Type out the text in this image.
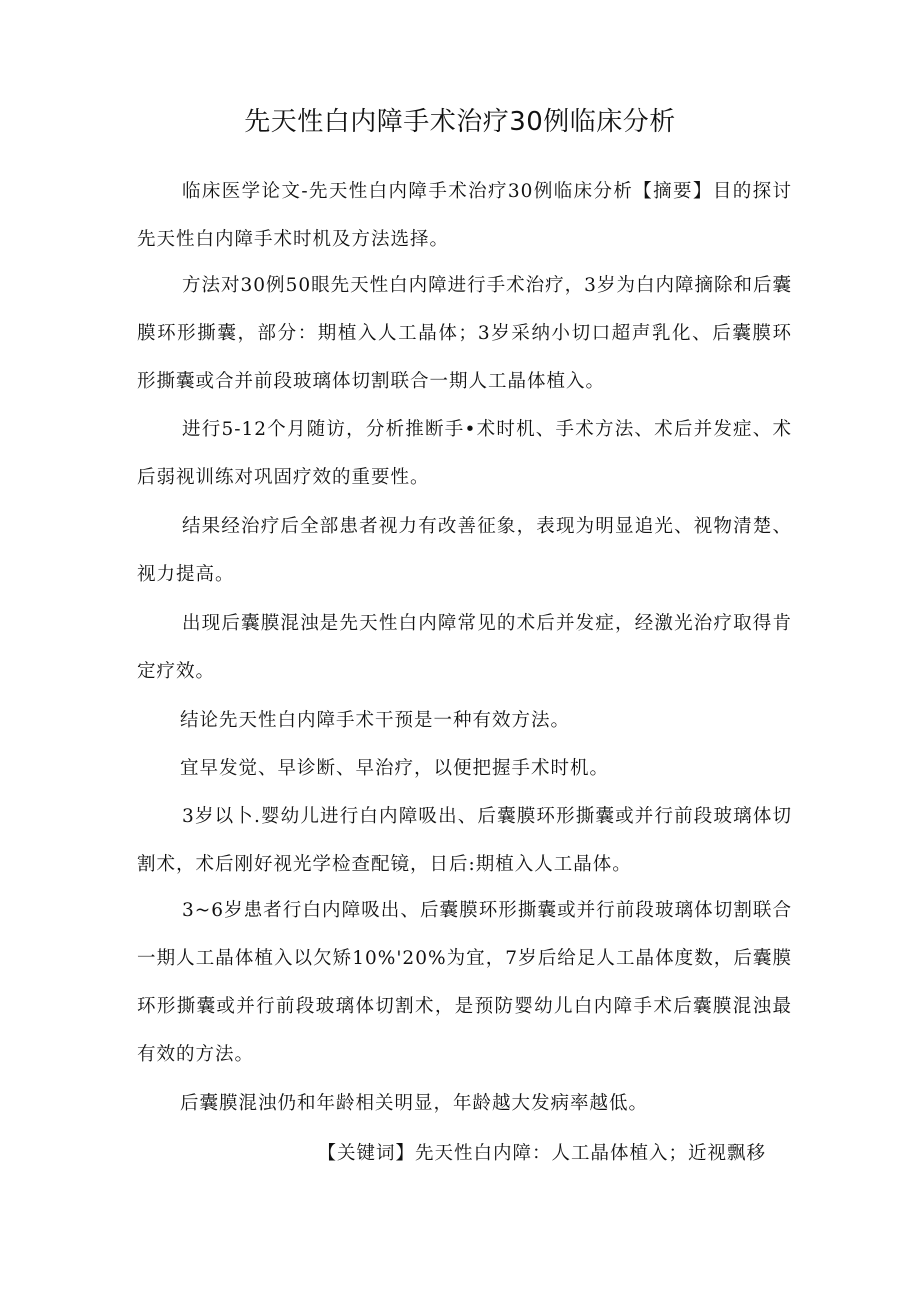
先天性白内障手术治疗30例临床分析

临床医学论文-先天性白内障手术治疗30例临床分析【摘要】目的探讨先天性白内障手术时机及方法选择。

方法对30例50眼先天性白内障进行手术治疗，3岁为白内障摘除和后囊膜环形撕囊，部分：期植入人工晶体；3岁采纳小切口超声乳化、后囊膜环形撕囊或合并前段玻璃体切割联合一期人工晶体植入。

进行5-12个月随访，分析推断手•术时机、手术方法、术后并发症、术后弱视训练对巩固疗效的重要性。

结果经治疗后全部患者视力有改善征象，表现为明显追光、视物清楚、视力提高。

出现后囊膜混浊是先天性白内障常见的术后并发症，经激光治疗取得肯定疗效。

结论先天性白内障手术干预是一种有效方法。

宜早发觉、早诊断、早治疗，以便把握手术时机。

3岁以卜.婴幼儿进行白内障吸出、后囊膜环形撕囊或并行前段玻璃体切割术，术后刚好视光学检查配镜，日后:期植入人工晶体。

3~6岁患者行白内障吸出、后囊膜环形撕囊或并行前段玻璃体切割联合一期人工晶体植入以欠矫10%'20%为宜，7岁后给足人工晶体度数，后囊膜环形撕囊或并行前段玻璃体切割术，是预防婴幼儿白内障手术后囊膜混浊最有效的方法。

后囊膜混浊仍和年龄相关明显，年龄越大发病率越低。

【关键词】先天性白内障：人工晶体植入；近视飘移
